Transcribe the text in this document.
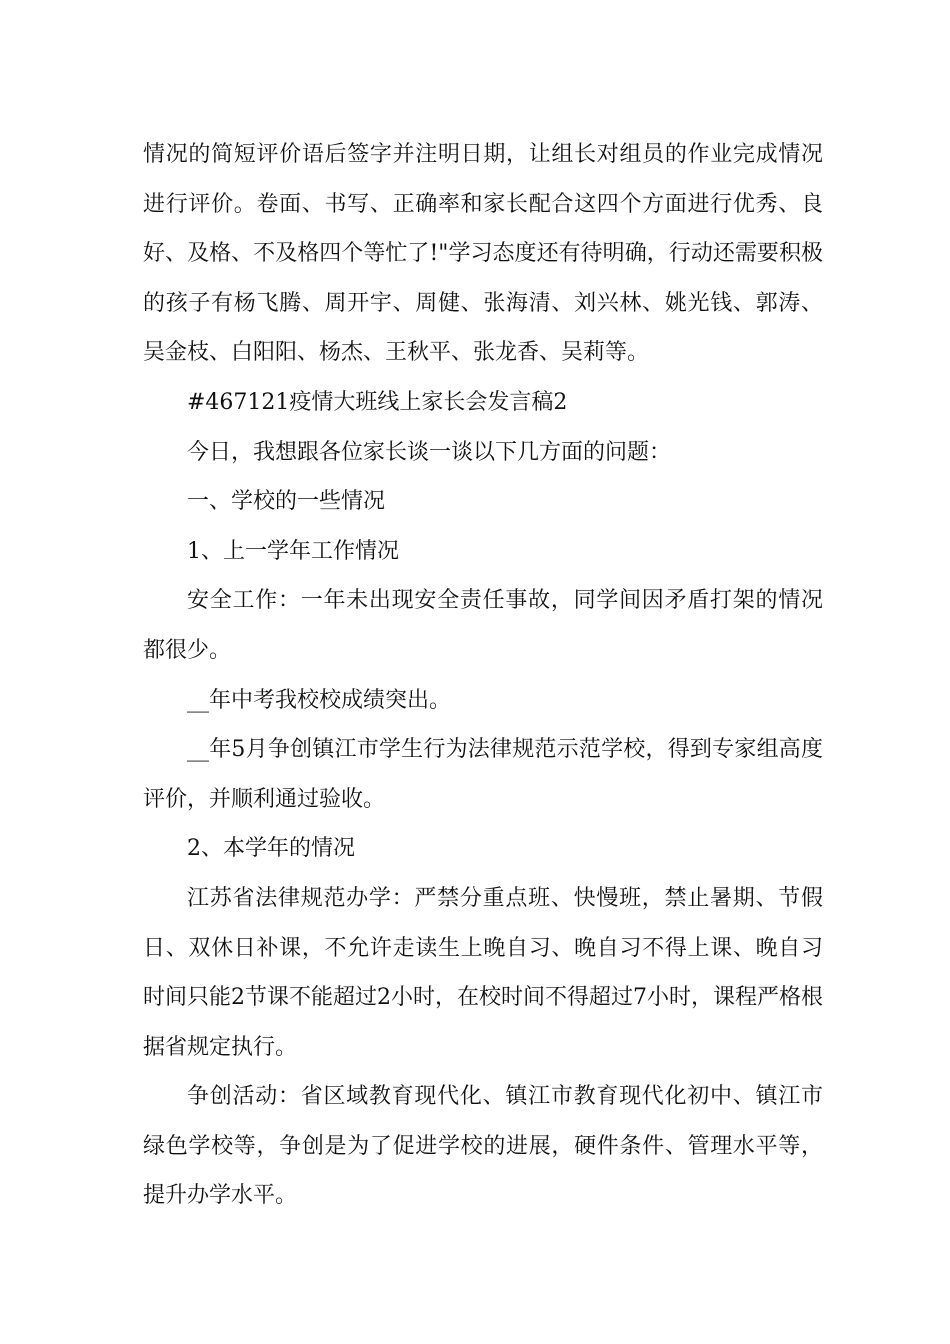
情况的简短评价语后签字并注明日期，让组长对组员的作业完成情况进行评价。卷面、书写、正确率和家长配合这四个方面进行优秀、良好、及格、不及格四个等忙了!"学习态度还有待明确，行动还需要积极的孩子有杨飞腾、周开宇、周健、张海清、刘兴林、姚光钱、郭涛、吴金枝、白阳阳、杨杰、王秋平、张龙香、吴莉等。

#467121疫情大班线上家长会发言稿2

今日，我想跟各位家长谈一谈以下几方面的问题：

一、学校的一些情况

1、上一学年工作情况

安全工作：一年未出现安全责任事故，同学间因矛盾打架的情况都很少。

__年中考我校校成绩突出。

__年5月争创镇江市学生行为法律规范示范学校，得到专家组高度评价，并顺利通过验收。

2、本学年的情况

江苏省法律规范办学：严禁分重点班、快慢班，禁止暑期、节假日、双休日补课，不允许走读生上晚自习、晚自习不得上课、晚自习时间只能2节课不能超过2小时，在校时间不得超过7小时，课程严格根据省规定执行。

争创活动：省区域教育现代化、镇江市教育现代化初中、镇江市绿色学校等，争创是为了促进学校的进展，硬件条件、管理水平等，提升办学水平。
